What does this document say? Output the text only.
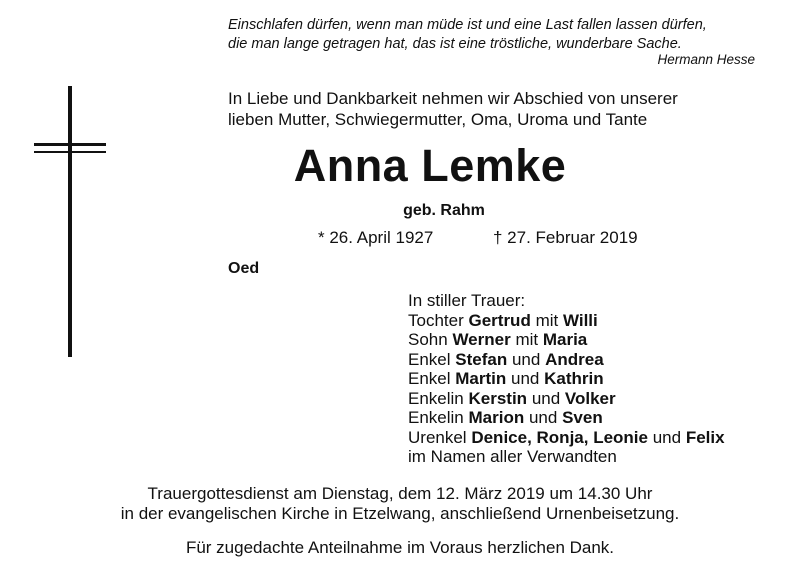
Einschlafen dürfen, wenn man müde ist und eine Last fallen lassen dürfen,
die man lange getragen hat, das ist eine tröstliche, wunderbare Sache.
Hermann Hesse
In Liebe und Dankbarkeit nehmen wir Abschied von unserer
lieben Mutter, Schwiegermutter, Oma, Uroma und Tante
Anna Lemke
geb. Rahm
* 26. April 1927	† 27. Februar 2019
Oed
In stiller Trauer:
Tochter Gertrud mit Willi
Sohn Werner mit Maria
Enkel Stefan und Andrea
Enkel Martin und Kathrin
Enkelin Kerstin und Volker
Enkelin Marion und Sven
Urenkel Denice, Ronja, Leonie und Felix
im Namen aller Verwandten
Trauergottesdienst am Dienstag, dem 12. März 2019 um 14.30 Uhr
in der evangelischen Kirche in Etzelwang, anschließend Urnenbeisetzung.
Für zugedachte Anteilnahme im Voraus herzlichen Dank.
